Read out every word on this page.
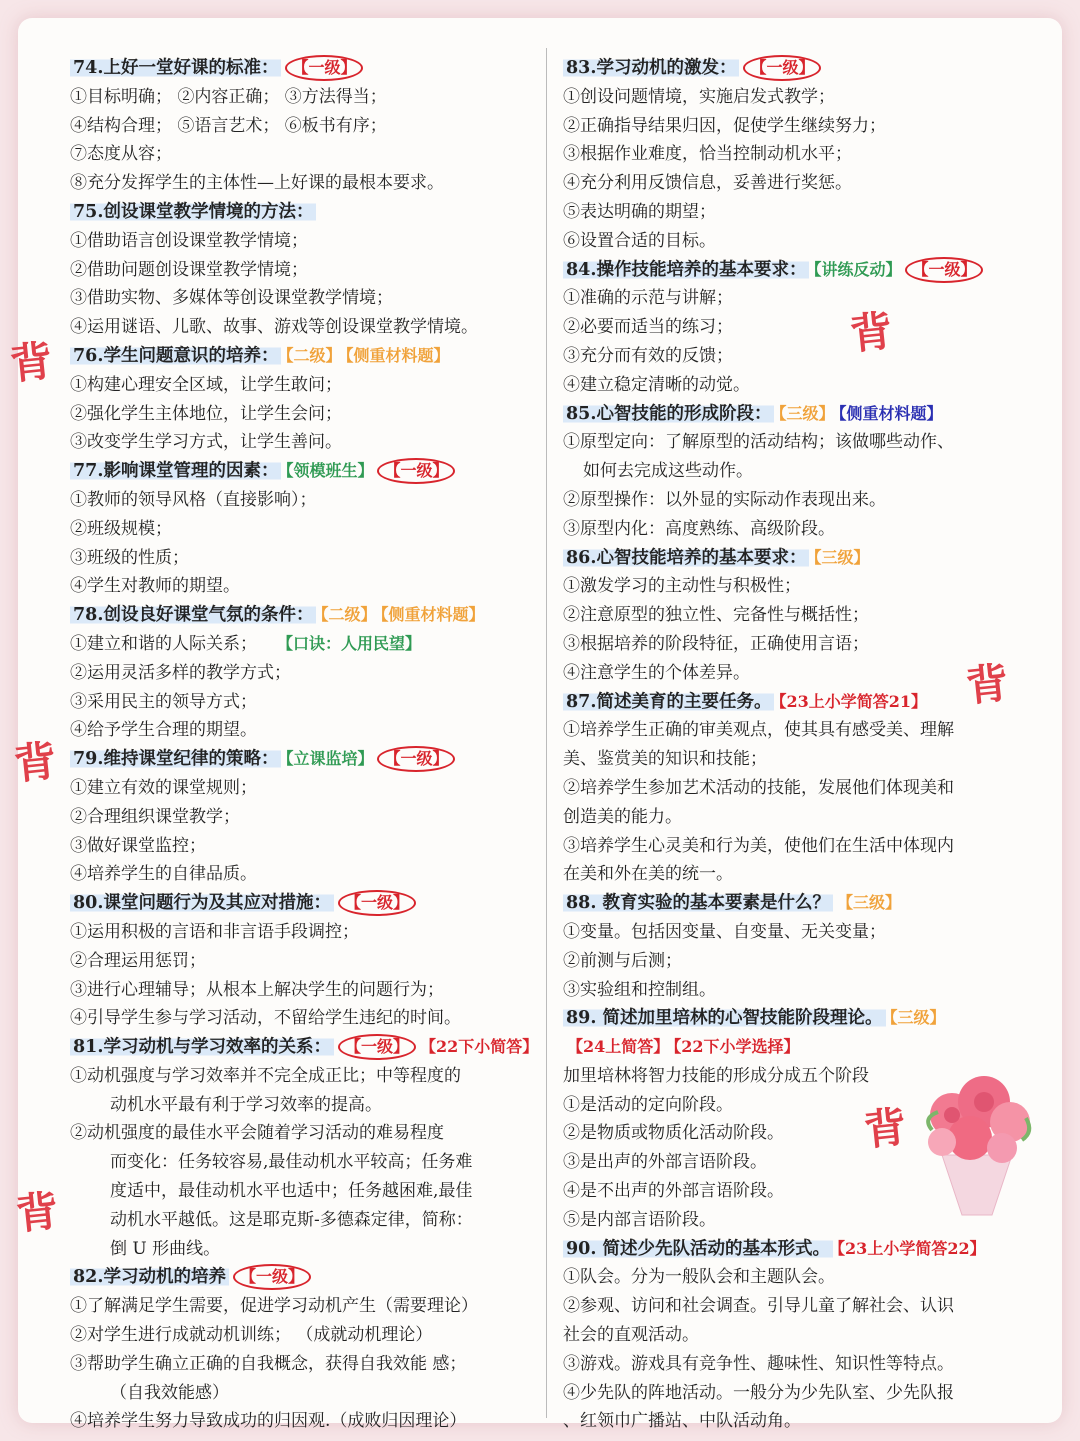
74.上好一堂好课的标准： 【一级】
①目标明确； ②内容正确； ③方法得当；
④结构合理； ⑤语言艺术； ⑥板书有序；
⑦态度从容；
⑧充分发挥学生的主体性—上好课的最根本要求。
75.创设课堂教学情境的方法：
①借助语言创设课堂教学情境；
②借助问题创设课堂教学情境；
③借助实物、多媒体等创设课堂教学情境；
④运用谜语、儿歌、故事、游戏等创设课堂教学情境。
76.学生问题意识的培养： 【二级】 【侧重材料题】
①构建心理安全区域，让学生敢问；
②强化学生主体地位，让学生会问；
③改变学生学习方式，让学生善问。
77.影响课堂管理的因素： 【领模班生】 【一级】
①教师的领导风格（直接影响）；
②班级规模；
③班级的性质；
④学生对教师的期望。
78.创设良好课堂气氛的条件： 【二级】 【侧重材料题】
①建立和谐的人际关系； 【口诀：人用民望】
②运用灵活多样的教学方式；
③采用民主的领导方式；
④给予学生合理的期望。
79.维持课堂纪律的策略： 【立课监培】 【一级】
①建立有效的课堂规则；
②合理组织课堂教学；
③做好课堂监控；
④培养学生的自律品质。
80.课堂问题行为及其应对措施： 【一级】
①运用积极的言语和非言语手段调控；
②合理运用惩罚；
③进行心理辅导；从根本上解决学生的问题行为；
④引导学生参与学习活动，不留给学生违纪的时间。
81.学习动机与学习效率的关系： 【一级】 【22下小简答】
①动机强度与学习效率并不完全成正比；中等程度的
动机水平最有利于学习效率的提高。
②动机强度的最佳水平会随着学习活动的难易程度
而变化：任务较容易,最佳动机水平较高；任务难
度适中，最佳动机水平也适中；任务越困难,最佳
动机水平越低。这是耶克斯-多德森定律，简称：
倒 U 形曲线。
82.学习动机的培养 【一级】
①了解满足学生需要，促进学习动机产生（需要理论）
②对学生进行成就动机训练； （成就动机理论）
③帮助学生确立正确的自我概念，获得自我效能 感；
（自我效能感）
④培养学生努力导致成功的归因观.（成败归因理论）
83.学习动机的激发： 【一级】
①创设问题情境，实施启发式教学；
②正确指导结果归因，促使学生继续努力；
③根据作业难度，恰当控制动机水平；
④充分利用反馈信息，妥善进行奖惩。
⑤表达明确的期望；
⑥设置合适的目标。
84.操作技能培养的基本要求： 【讲练反动】 【一级】
①准确的示范与讲解；
②必要而适当的练习；
③充分而有效的反馈；
④建立稳定清晰的动觉。
85.心智技能的形成阶段： 【三级】 【侧重材料题】
①原型定向：了解原型的活动结构；该做哪些动作、
如何去完成这些动作。
②原型操作：以外显的实际动作表现出来。
③原型内化：高度熟练、高级阶段。
86.心智技能培养的基本要求： 【三级】
①激发学习的主动性与积极性；
②注意原型的独立性、完备性与概括性；
③根据培养的阶段特征，正确使用言语；
④注意学生的个体差异。
87.简述美育的主要任务。 【23上小学简答21】
①培养学生正确的审美观点，使其具有感受美、理解
美、鉴赏美的知识和技能；
②培养学生参加艺术活动的技能，发展他们体现美和
创造美的能力。
③培养学生心灵美和行为美，使他们在生活中体现内
在美和外在美的统一。
88. 教育实验的基本要素是什么？ 【三级】
①变量。包括因变量、自变量、无关变量；
②前测与后测；
③实验组和控制组。
89. 简述加里培林的心智技能阶段理论。 【三级】
【24上简答】 【22下小学选择】
加里培林将智力技能的形成分成五个阶段
①是活动的定向阶段。
②是物质或物质化活动阶段。
③是出声的外部言语阶段。
④是不出声的外部言语阶段。
⑤是内部言语阶段。
90. 简述少先队活动的基本形式。 【23上小学简答22】
①队会。分为一般队会和主题队会。
②参观、访问和社会调查。引导儿童了解社会、认识
社会的直观活动。
③游戏。游戏具有竞争性、趣味性、知识性等特点。
④少先队的阵地活动。一般分为少先队室、少先队报
、红领巾广播站、中队活动角。
背
背
背
背
背
背
